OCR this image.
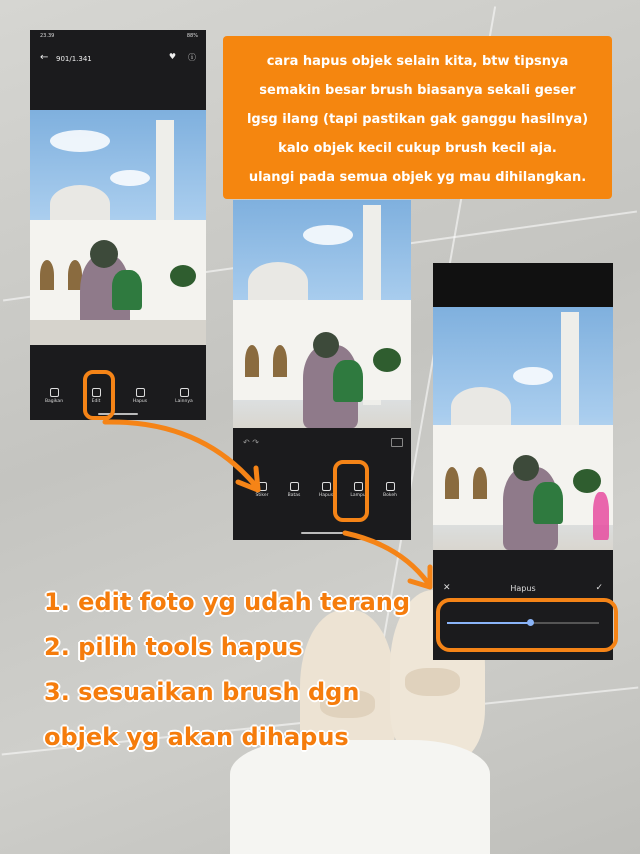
23.39	88%
← 901/1.341	♥ ⓘ
Bagikan	Edit	Hapus	Lainnya
↶ ↷
Stiker	Batas	Hapus	Lampu	Bokeh
✕	Hapus	✓
cara hapus objek selain kita, btw tipsnya
semakin besar brush biasanya sekali geser
lgsg ilang (tapi pastikan gak ganggu hasilnya)
kalo objek kecil cukup brush kecil aja.
ulangi pada semua objek yg mau dihilangkan.
1. edit foto yg udah terang
2. pilih tools hapus
3. sesuaikan brush dgn
objek yg akan dihapus
